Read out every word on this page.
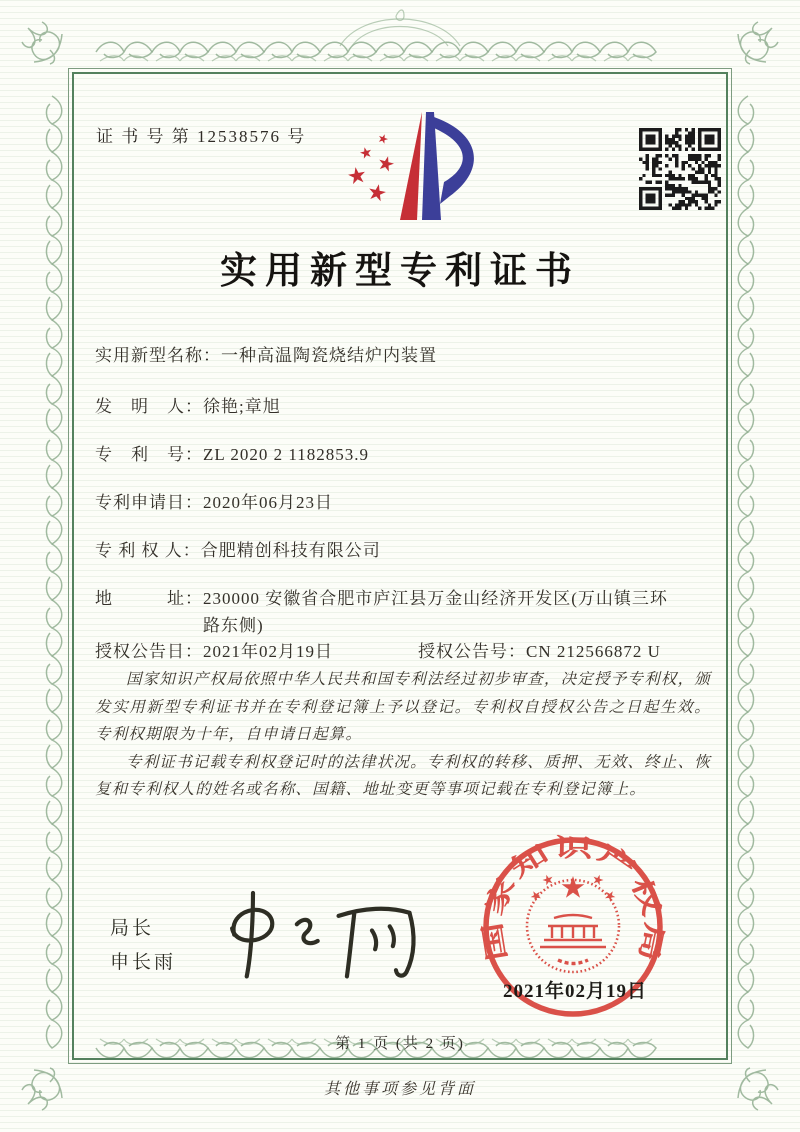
证 书 号 第 12538576 号
实用新型专利证书
实用新型名称： 一种高温陶瓷烧结炉内装置
发　明　人： 徐艳;章旭
专　利　号： ZL 2020 2 1182853.9
专利申请日： 2020年06月23日
专 利 权 人： 合肥精创科技有限公司
地　　　址： 230000 安徽省合肥市庐江县万金山经济开发区(万山镇三环路东侧)
授权公告日：2021年02月19日	授权公告号：CN 212566872 U

国家知识产权局依照中华人民共和国专利法经过初步审查，决定授予专利权，颁发实用新型专利证书并在专利登记簿上予以登记。专利权自授权公告之日起生效。专利权期限为十年，自申请日起算。

专利证书记载专利权登记时的法律状况。专利权的转移、质押、无效、终止、恢复和专利权人的姓名或名称、国籍、地址变更等事项记载在专利登记簿上。

局长
申长雨	国家知识产权局
2021年02月19日
第 1 页 (共 2 页)
其他事项参见背面
